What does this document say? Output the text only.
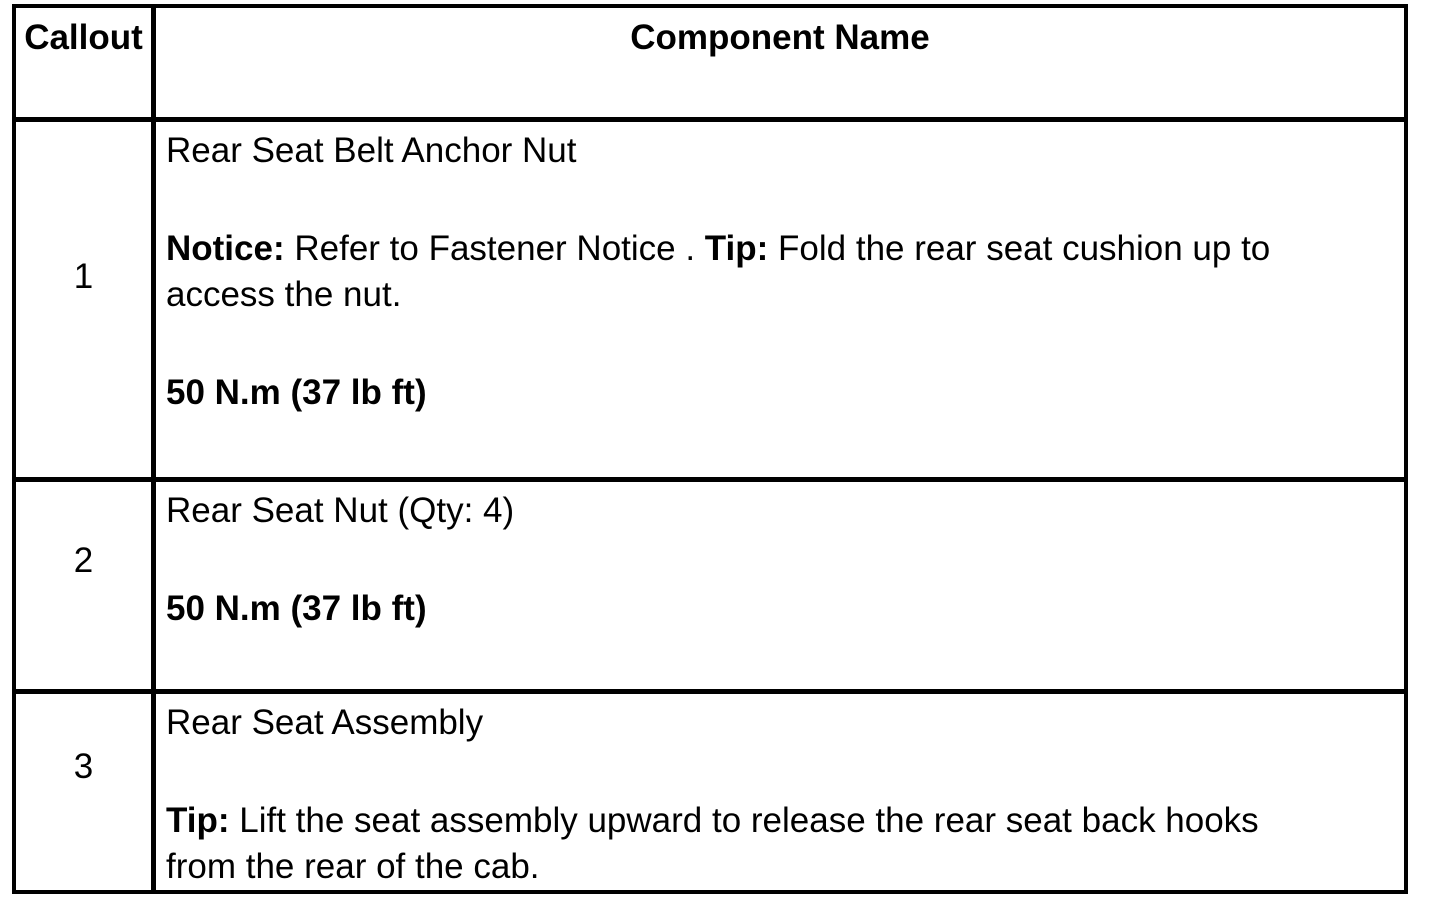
Callout	Component Name
1
Rear Seat Belt Anchor Nut
Notice: Refer to Fastener Notice . Tip: Fold the rear seat cushion up to
access the nut.
50 N.m (37 lb ft)
2
Rear Seat Nut (Qty: 4)
50 N.m (37 lb ft)
3
Rear Seat Assembly
Tip: Lift the seat assembly upward to release the rear seat back hooks
from the rear of the cab.
